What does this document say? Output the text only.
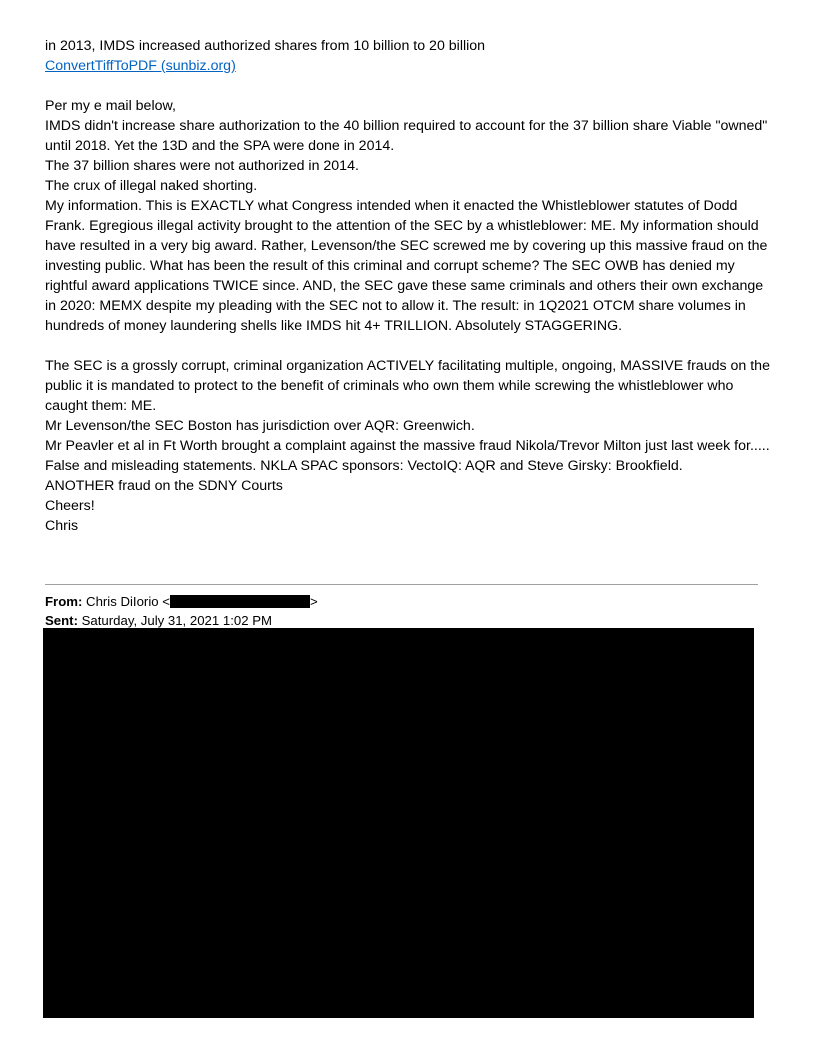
in 2013, IMDS increased authorized shares from 10 billion to 20 billion
ConvertTiffToPDF (sunbiz.org)
Per my e mail below,
IMDS didn't increase share authorization to the 40 billion required to account for the 37 billion share Viable "owned" until 2018. Yet the 13D and the SPA were done in 2014.
The 37 billion shares were not authorized in 2014.
The crux of illegal naked shorting.
My information. This is EXACTLY what Congress intended when it enacted the Whistleblower statutes of Dodd Frank. Egregious illegal activity brought to the attention of the SEC by a whistleblower: ME. My information should have resulted in a very big award. Rather, Levenson/the SEC screwed me by covering up this massive fraud on the investing public. What has been the result of this criminal and corrupt scheme? The SEC OWB has denied my rightful award applications TWICE since. AND, the SEC gave these same criminals and others their own exchange in 2020: MEMX despite my pleading with the SEC not to allow it. The result: in 1Q2021 OTCM share volumes in hundreds of money laundering shells like IMDS hit 4+ TRILLION. Absolutely STAGGERING.
The SEC is a grossly corrupt, criminal organization ACTIVELY facilitating multiple, ongoing, MASSIVE frauds on the public it is mandated to protect to the benefit of criminals who own them while screwing the whistleblower who caught them: ME.
Mr Levenson/the SEC Boston has jurisdiction over AQR: Greenwich.
Mr Peavler et al in Ft Worth brought a complaint against the massive fraud Nikola/Trevor Milton just last week for..... False and misleading statements. NKLA SPAC sponsors: VectoIQ: AQR and Steve Girsky: Brookfield.
ANOTHER fraud on the SDNY Courts
Cheers!
Chris
From: Chris DiIorio <	>
Sent: Saturday, July 31, 2021 1:02 PM
